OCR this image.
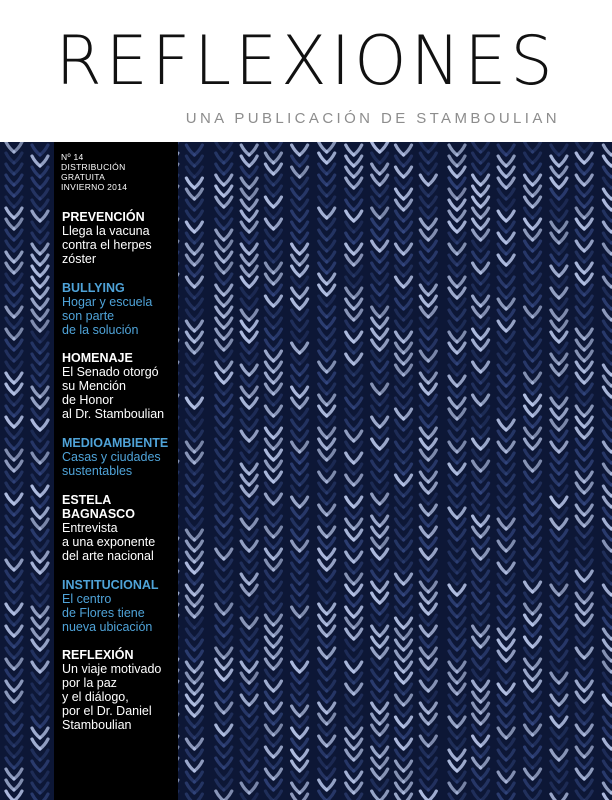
REFLEXIONES
UNA PUBLICACIÓN DE STAMBOULIAN
Nº 14
DISTRIBUCIÓN
GRATUITA
INVIERNO 2014
PREVENCIÓN
Llega la vacuna
contra el herpes
zóster
BULLYING
Hogar y escuela
son parte
de la solución
HOMENAJE
El Senado otorgó
su Mención
de Honor
al Dr. Stamboulian
MEDIOAMBIENTE
Casas y ciudades
sustentables
ESTELA
BAGNASCO
Entrevista
a una exponente
del arte nacional
INSTITUCIONAL
El centro
de Flores tiene
nueva ubicación
REFLEXIÓN
Un viaje motivado
por la paz
y el diálogo,
por el Dr. Daniel
Stamboulian
